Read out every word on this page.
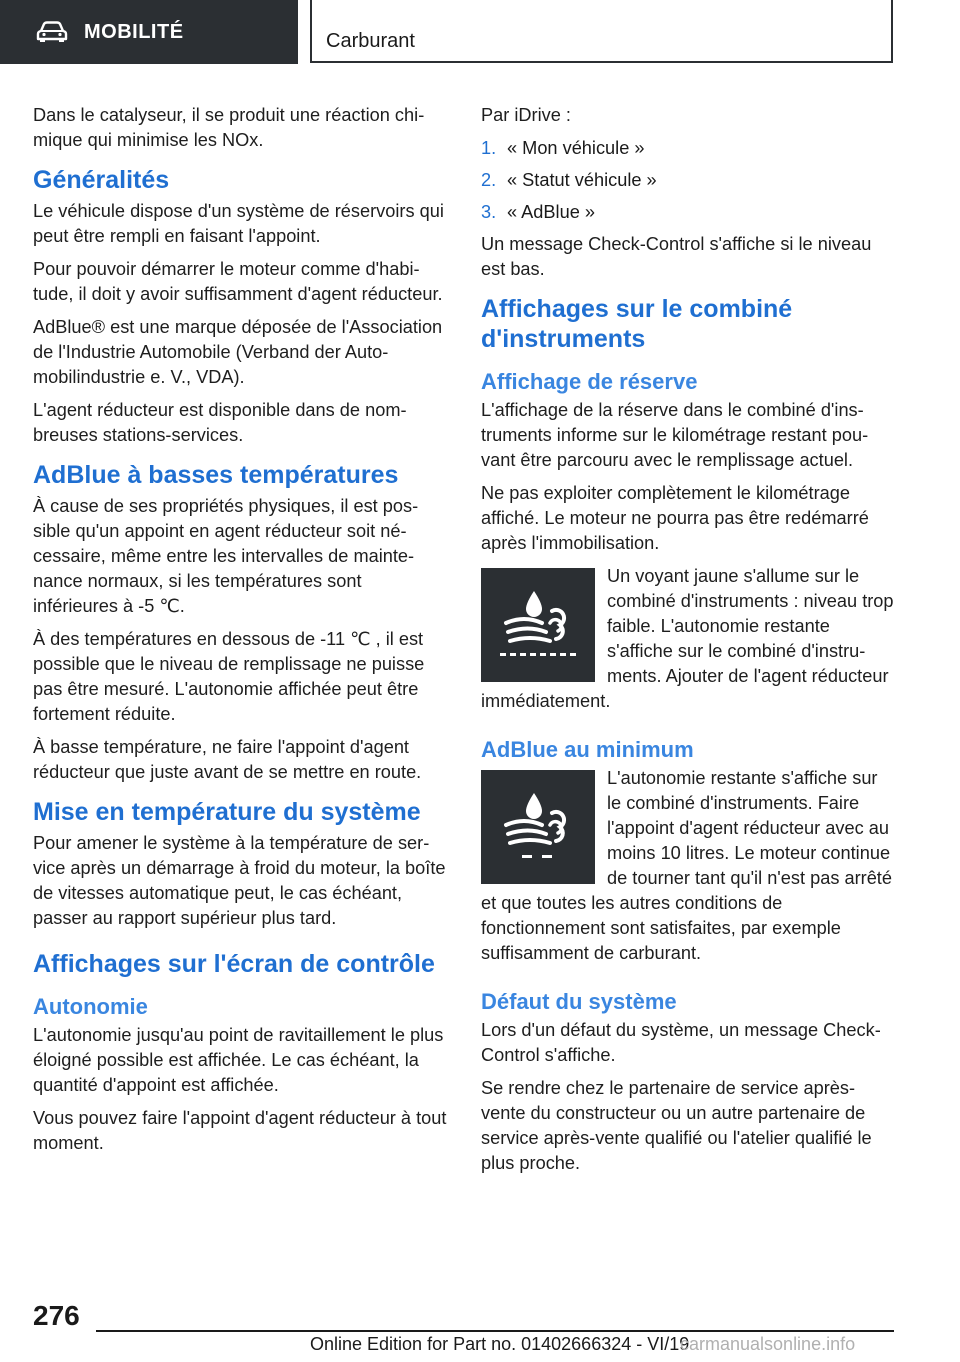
MOBILITÉ	Carburant

Dans le catalyseur, il se produit une réaction chimique qui minimise les NOx.

Généralités

Le véhicule dispose d'un système de réservoirs qui peut être rempli en faisant l'appoint.

Pour pouvoir démarrer le moteur comme d'habitude, il doit y avoir suffisamment d'agent réducteur.

AdBlue® est une marque déposée de l'Association de l'Industrie Automobile (Verband der Automobilindustrie e. V., VDA).

L'agent réducteur est disponible dans de nombreuses stations-services.

AdBlue à basses températures

À cause de ses propriétés physiques, il est possible qu'un appoint en agent réducteur soit nécessaire, même entre les intervalles de maintenance normaux, si les températures sont inférieures à -5 ℃.

À des températures en dessous de -11 ℃ , il est possible que le niveau de remplissage ne puisse pas être mesuré. L'autonomie affichée peut être fortement réduite.

À basse température, ne faire l'appoint d'agent réducteur que juste avant de se mettre en route.

Mise en température du système

Pour amener le système à la température de service après un démarrage à froid du moteur, la boîte de vitesses automatique peut, le cas échéant, passer au rapport supérieur plus tard.

Affichages sur l'écran de contrôle
Autonomie

L'autonomie jusqu'au point de ravitaillement le plus éloigné possible est affichée. Le cas échéant, la quantité d'appoint est affichée.

Vous pouvez faire l'appoint d'agent réducteur à tout moment.

Par iDrive :

1. « Mon véhicule »
2. « Statut véhicule »
3. « AdBlue »

Un message Check-Control s'affiche si le niveau est bas.

Affichages sur le combiné d'instruments
Affichage de réserve

L'affichage de la réserve dans le combiné d'instruments informe sur le kilométrage restant pouvant être parcouru avec le remplissage actuel.

Ne pas exploiter complètement le kilométrage affiché. Le moteur ne pourra pas être redémarré après l'immobilisation.

Un voyant jaune s'allume sur le combiné d'instruments : niveau trop faible. L'autonomie restante s'affiche sur le combiné d'instruments. Ajouter de l'agent réducteur immédiatement.

AdBlue au minimum

L'autonomie restante s'affiche sur le combiné d'instruments. Faire l'appoint d'agent réducteur avec au moins 10 litres. Le moteur continue de tourner tant qu'il n'est pas arrêté et que toutes les autres conditions de fonctionnement sont satisfaites, par exemple suffisamment de carburant.

Défaut du système

Lors d'un défaut du système, un message Check-Control s'affiche.

Se rendre chez le partenaire de service après-vente du constructeur ou un autre partenaire de service après-vente qualifié ou l'atelier qualifié le plus proche.

276
Online Edition for Part no. 01402666324 - VI/19
carmanualsonline.info
